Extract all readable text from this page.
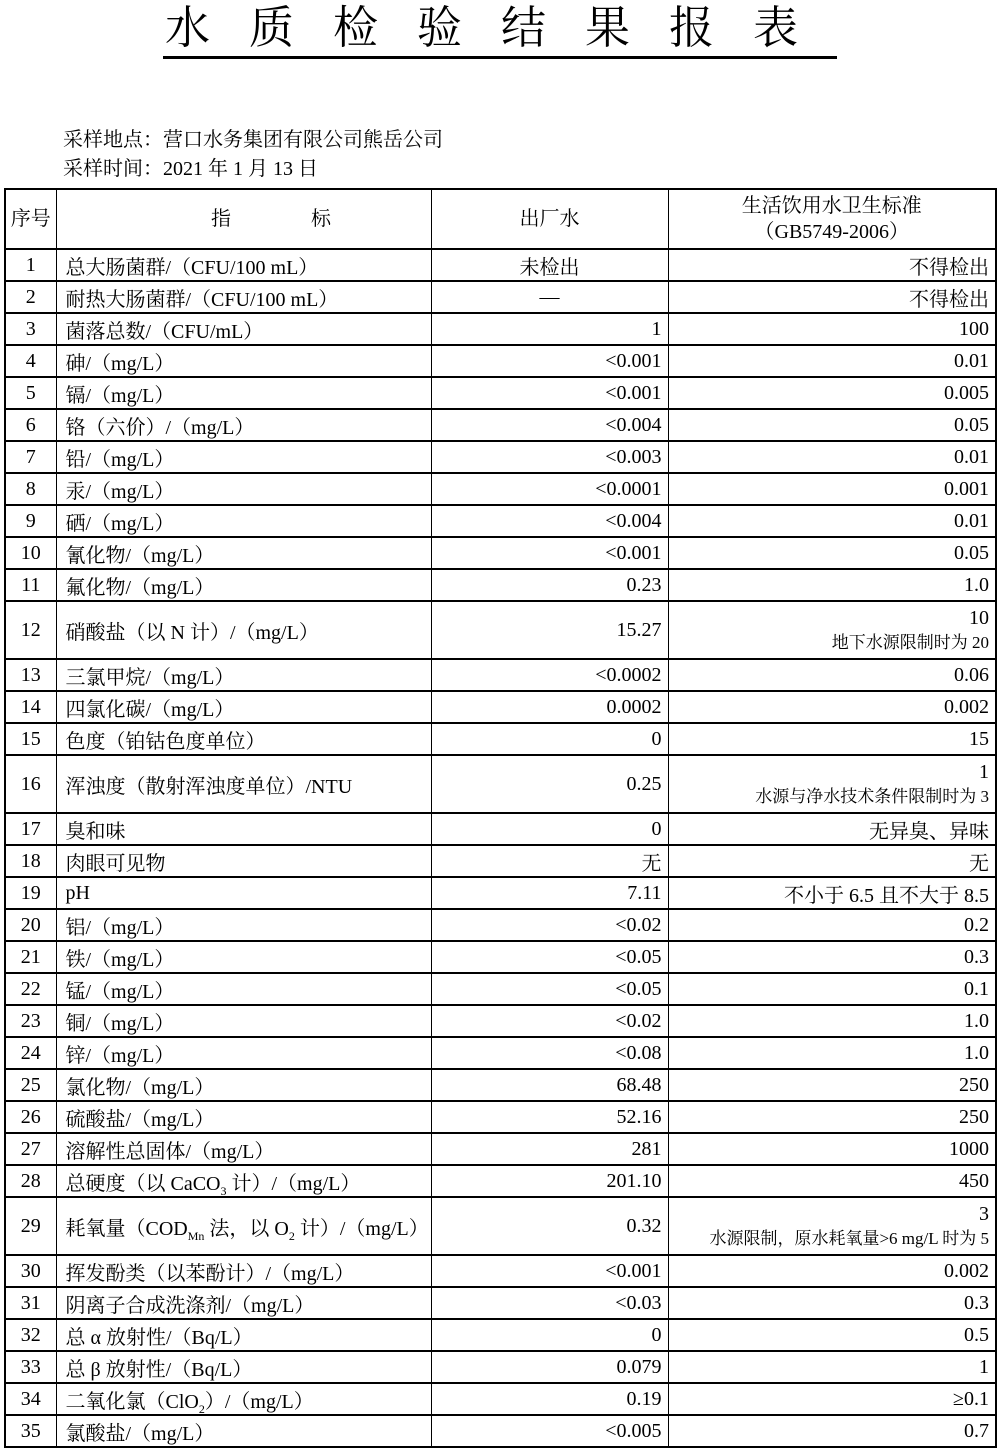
水质检验结果报表
采样地点：营口水务集团有限公司熊岳公司
采样时间：2021 年 1 月 13 日
序号	指　　　　标	出厂水	生活饮用水卫生标准
（GB5749-2006）

1	总大肠菌群/（CFU/100 mL）	未检出	不得检出
2	耐热大肠菌群/（CFU/100 mL）	—	不得检出
3	菌落总数/（CFU/mL）	1	100
4	砷/（mg/L）	<0.001	0.01
5	镉/（mg/L）	<0.001	0.005
6	铬（六价）/（mg/L）	<0.004	0.05
7	铅/（mg/L）	<0.003	0.01
8	汞/（mg/L）	<0.0001	0.001
9	硒/（mg/L）	<0.004	0.01
10	氰化物/（mg/L）	<0.001	0.05
11	氟化物/（mg/L）	0.23	1.0
12	硝酸盐（以 N 计）/（mg/L）	15.27	10
地下水源限制时为 20

13	三氯甲烷/（mg/L）	<0.0002	0.06
14	四氯化碳/（mg/L）	0.0002	0.002
15	色度（铂钴色度单位）	0	15
16	浑浊度（散射浑浊度单位）/NTU	0.25	1
水源与净水技术条件限制时为 3

17	臭和味	0	无异臭、异味
18	肉眼可见物	无	无
19	pH	7.11	不小于 6.5 且不大于 8.5
20	铝/（mg/L）	<0.02	0.2
21	铁/（mg/L）	<0.05	0.3
22	锰/（mg/L）	<0.05	0.1
23	铜/（mg/L）	<0.02	1.0
24	锌/（mg/L）	<0.08	1.0
25	氯化物/（mg/L）	68.48	250
26	硫酸盐/（mg/L）	52.16	250
27	溶解性总固体/（mg/L）	281	1000
28	总硬度（以 CaCO$_3$ 计）/（mg/L）	201.10	450
29	耗氧量（$COD_{Mn}$ 法，以 $O_2$ 计）/（mg/L）	0.32	3
水源限制，原水耗氧量>6 mg/L 时为 5

30	挥发酚类（以苯酚计）/（mg/L）	<0.001	0.002
31	阴离子合成洗涤剂/（mg/L）	<0.03	0.3
32	总 α 放射性/（Bq/L）	0	0.5
33	总 β 放射性/（Bq/L）	0.079	1
34	二氧化氯（ClO$_2$）/（mg/L）	0.19	≥0.1
35	氯酸盐/（mg/L）	<0.005	0.7
